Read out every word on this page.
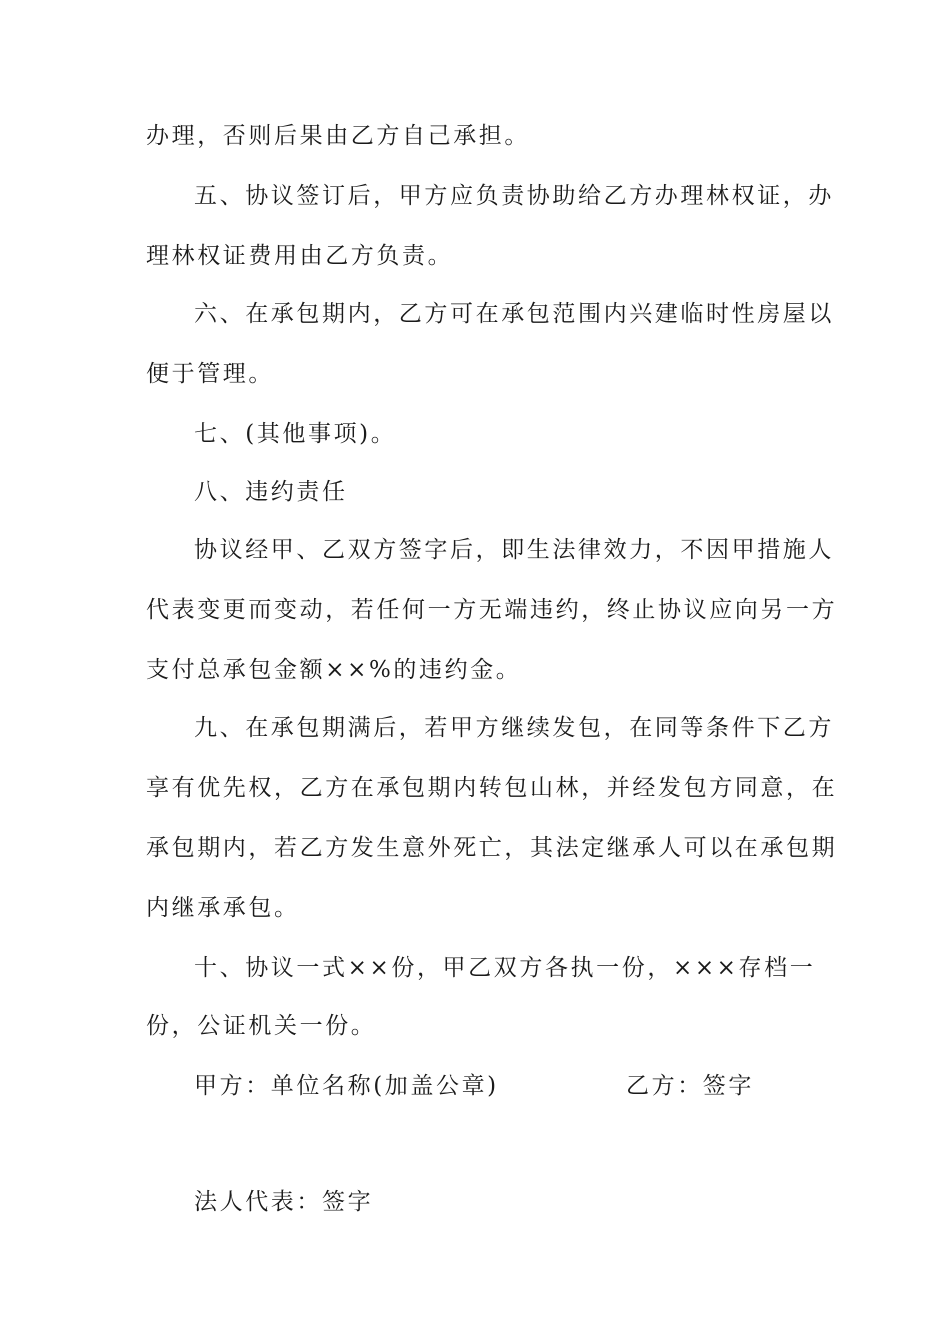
办理，否则后果由乙方自己承担。
五、协议签订后，甲方应负责协助给乙方办理林权证，办
理林权证费用由乙方负责。
六、在承包期内，乙方可在承包范围内兴建临时性房屋以
便于管理。
七、(其他事项)。
八、违约责任
协议经甲、乙双方签字后，即生法律效力，不因甲措施人
代表变更而变动，若任何一方无端违约，终止协议应向另一方
支付总承包金额××%的违约金。
九、在承包期满后，若甲方继续发包，在同等条件下乙方
享有优先权，乙方在承包期内转包山林，并经发包方同意，在
承包期内，若乙方发生意外死亡，其法定继承人可以在承包期
内继承承包。
十、协议一式××份，甲乙双方各执一份，×××存档一
份，公证机关一份。
甲方：单位名称(加盖公章)	乙方：签字
法人代表：签字
